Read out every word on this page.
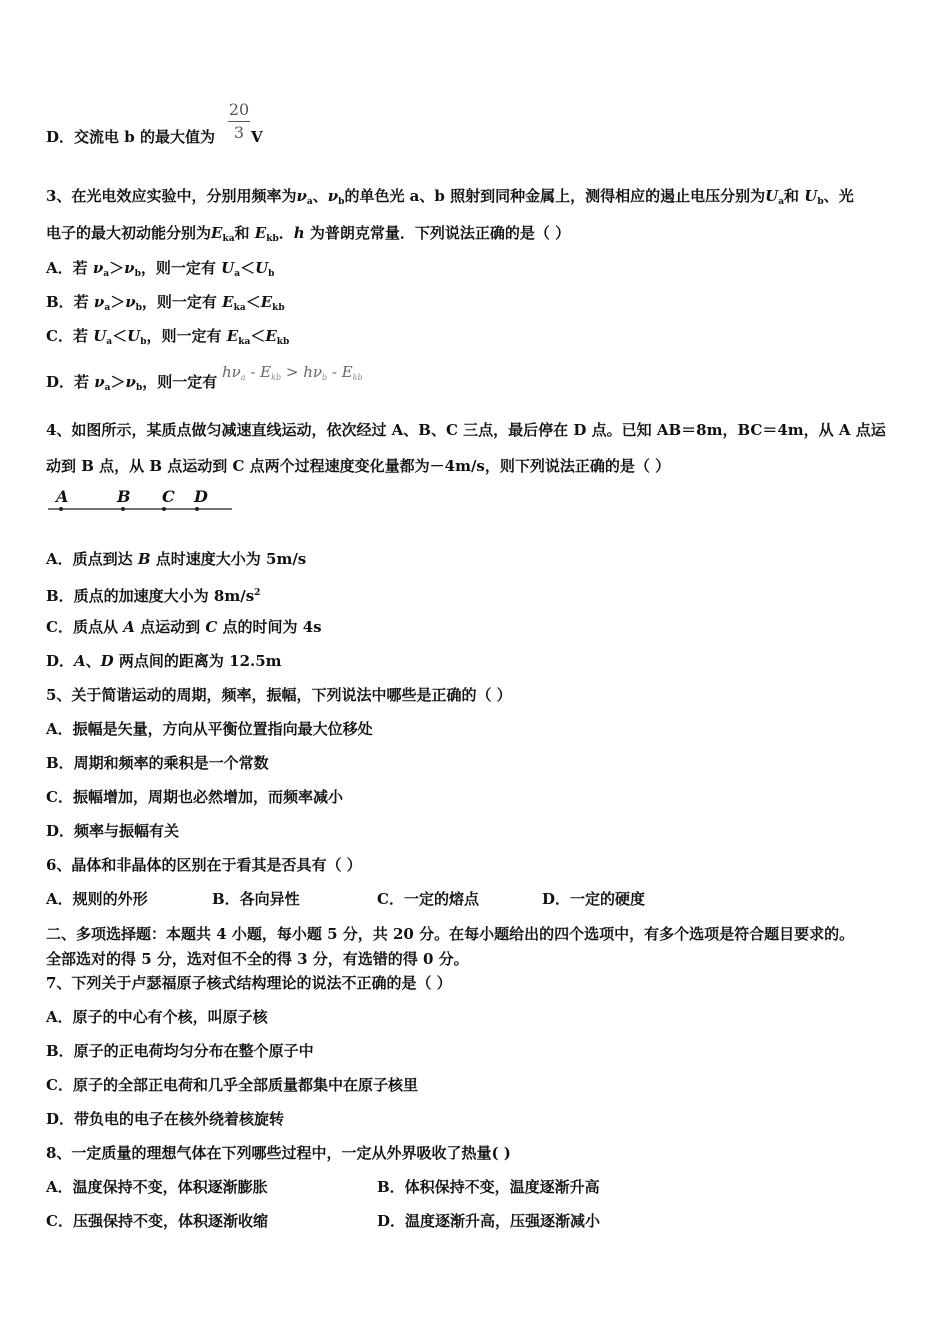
20
3
D．交流电 b 的最大值为 V
3、在光电效应实验中，分别用频率为$\nu_a$、$\nu_b$的单色光 a、b 照射到同种金属上，测得相应的遏止电压分别为$U_a$和 $U_b$、光
电子的最大初动能分别为$E_{ka}$和 $E_{kb}$．h 为普朗克常量．下列说法正确的是（ ）
A．若 $\nu_a>\nu_b$，则一定有 $U_a<U_b$
B．若 $\nu_a>\nu_b$，则一定有 $E_{ka}<E_{kb}$
C．若 $U_a<U_b$，则一定有 $E_{ka}<E_{kb}$
D．若 $\nu_a>\nu_b$，则一定有
$h\nu_a - E_{kb} > h\nu_b - E_{kb}$
4、如图所示，某质点做匀减速直线运动，依次经过 A、B、C 三点，最后停在 D 点。已知 AB＝8m，BC＝4m，从 A 点运
动到 B 点，从 B 点运动到 C 点两个过程速度变化量都为－4m/s，则下列说法正确的是（ ）
A	B C D
A．质点到达 B 点时速度大小为 5m/s
B．质点的加速度大小为 $8m/s^2$
C．质点从 A 点运动到 C 点的时间为 4s
D．A、D 两点间的距离为 12.5m
5、关于简谐运动的周期，频率，振幅，下列说法中哪些是正确的（ ）
A．振幅是矢量，方向从平衡位置指向最大位移处
B．周期和频率的乘积是一个常数
C．振幅增加，周期也必然增加，而频率减小
D．频率与振幅有关
6、晶体和非晶体的区别在于看其是否具有（ ）
A．规则的外形	B．各向异性	C．一定的熔点	D．一定的硬度
二、多项选择题：本题共 4 小题，每小题 5 分，共 20 分。在每小题给出的四个选项中，有多个选项是符合题目要求的。
全部选对的得 5 分，选对但不全的得 3 分，有选错的得 0 分。
7、下列关于卢瑟福原子核式结构理论的说法不正确的是（ ）
A．原子的中心有个核，叫原子核
B．原子的正电荷均匀分布在整个原子中
C．原子的全部正电荷和几乎全部质量都集中在原子核里
D．带负电的电子在核外绕着核旋转
8、一定质量的理想气体在下列哪些过程中，一定从外界吸收了热量( )
A．温度保持不变，体积逐渐膨胀	B．体积保持不变，温度逐渐升高
C．压强保持不变，体积逐渐收缩	D．温度逐渐升高，压强逐渐减小
